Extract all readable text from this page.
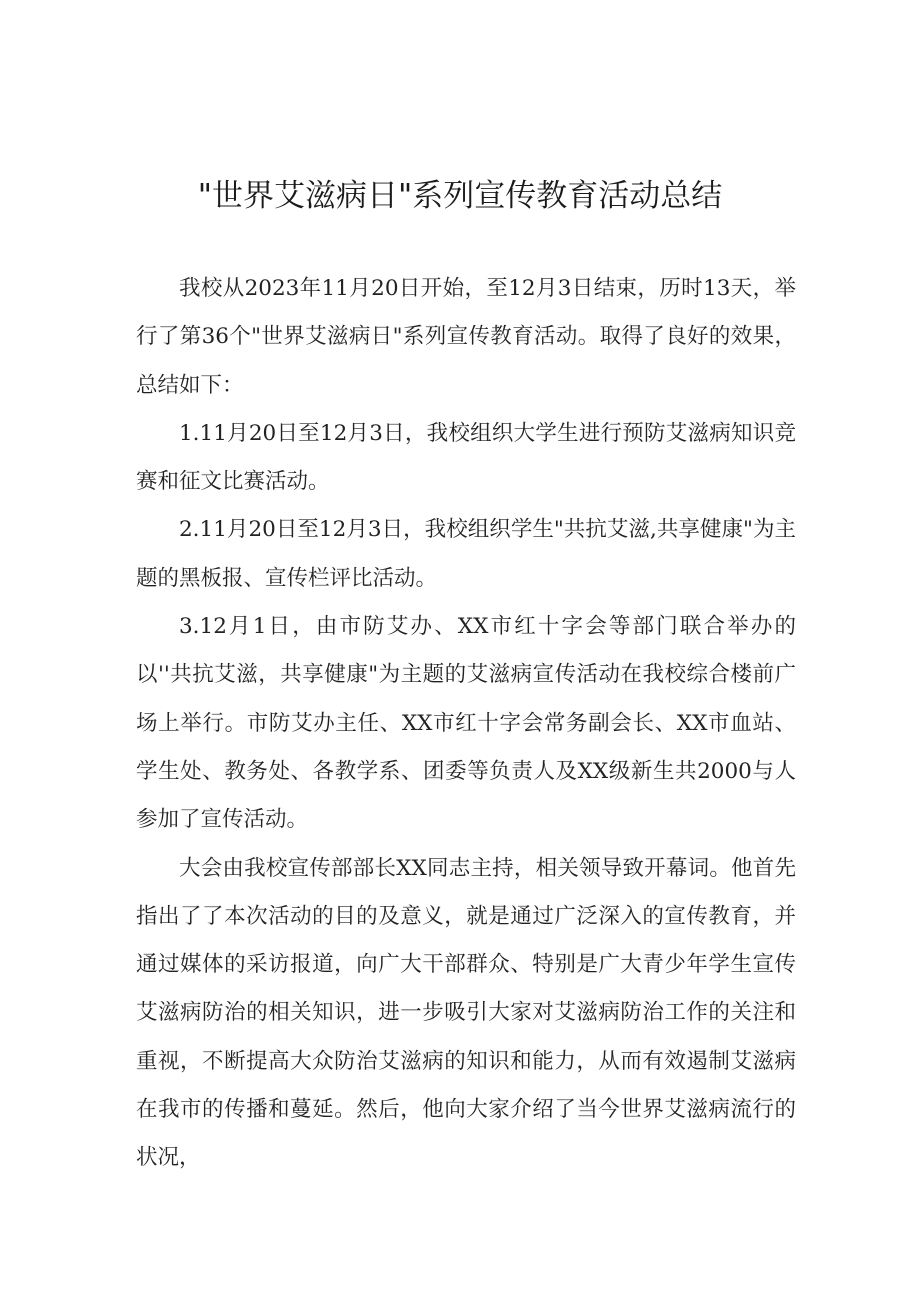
"世界艾滋病日"系列宣传教育活动总结

我校从2023年11月20日开始，至12月3日结束，历时13天，举行了第36个"世界艾滋病日"系列宣传教育活动。取得了良好的效果，总结如下：

1.11月20日至12月3日，我校组织大学生进行预防艾滋病知识竞赛和征文比赛活动。

2.11月20日至12月3日，我校组织学生"共抗艾滋,共享健康"为主题的黑板报、宣传栏评比活动。

3.12月1日，由市防艾办、XX市红十字会等部门联合举办的以''共抗艾滋，共享健康"为主题的艾滋病宣传活动在我校综合楼前广场上举行。市防艾办主任、XX市红十字会常务副会长、XX市血站、学生处、教务处、各教学系、团委等负责人及XX级新生共2000与人参加了宣传活动。

大会由我校宣传部部长XX同志主持，相关领导致开幕词。他首先指出了了本次活动的目的及意义，就是通过广泛深入的宣传教育，并通过媒体的采访报道，向广大干部群众、特别是广大青少年学生宣传艾滋病防治的相关知识，进一步吸引大家对艾滋病防治工作的关注和重视，不断提高大众防治艾滋病的知识和能力，从而有效遏制艾滋病在我市的传播和蔓延。然后，他向大家介绍了当今世界艾滋病流行的状况，
